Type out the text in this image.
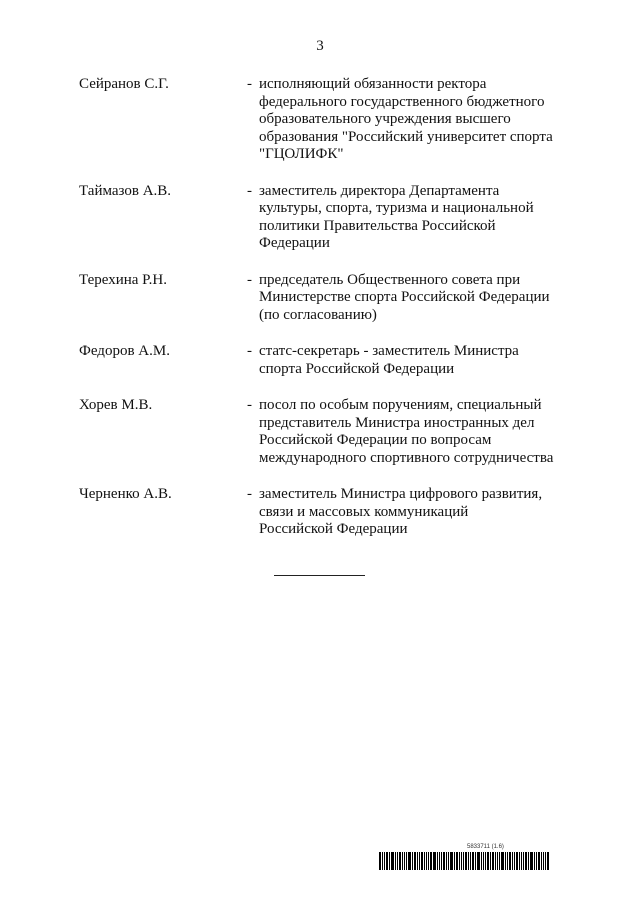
3
Сейранов С.Г.	- исполняющий обязанности ректора
федерального государственного бюджетного
образовательного учреждения высшего
образования "Российский университет спорта
"ГЦОЛИФК"
Таймазов А.В.	- заместитель директора Департамента
культуры, спорта, туризма и национальной
политики Правительства Российской
Федерации
Терехина Р.Н.	- председатель Общественного совета при
Министерстве спорта Российской Федерации
(по согласованию)
Федоров А.М.	- статс-секретарь - заместитель Министра
спорта Российской Федерации
Хорев М.В.	- посол по особым поручениям, специальный
представитель Министра иностранных дел
Российской Федерации по вопросам
международного спортивного сотрудничества
Черненко А.В.	- заместитель Министра цифрового развития,
связи и массовых коммуникаций
Российской Федерации
5833711 (1.6)
